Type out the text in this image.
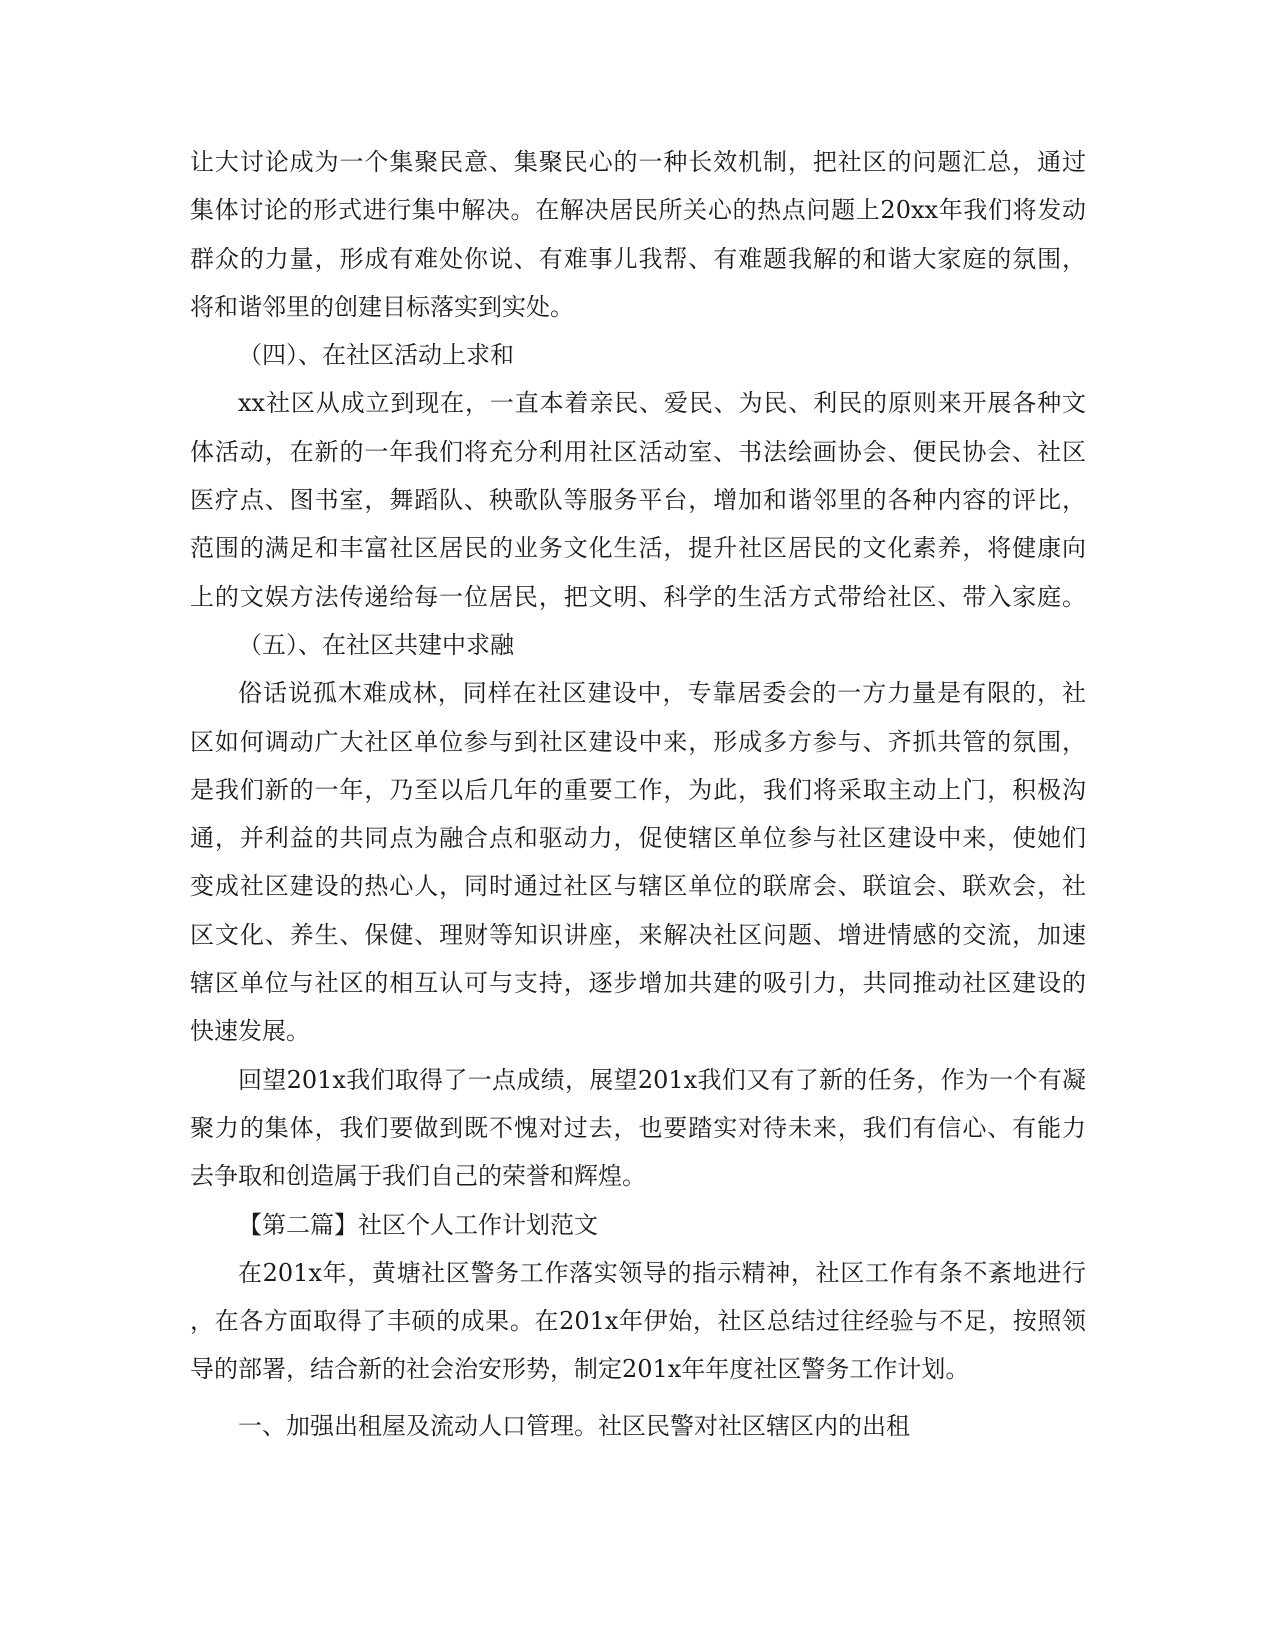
让大讨论成为一个集聚民意、集聚民心的一种长效机制，把社区的问题汇总，通过
集体讨论的形式进行集中解决。在解决居民所关心的热点问题上20xx年我们将发动
群众的力量，形成有难处你说、有难事儿我帮、有难题我解的和谐大家庭的氛围，
将和谐邻里的创建目标落实到实处。
（四）、在社区活动上求和
xx社区从成立到现在，一直本着亲民、爱民、为民、利民的原则来开展各种文
体活动，在新的一年我们将充分利用社区活动室、书法绘画协会、便民协会、社区
医疗点、图书室，舞蹈队、秧歌队等服务平台，增加和谐邻里的各种内容的评比，
范围的满足和丰富社区居民的业务文化生活，提升社区居民的文化素养，将健康向
上的文娱方法传递给每一位居民，把文明、科学的生活方式带给社区、带入家庭。
（五）、在社区共建中求融
俗话说孤木难成林，同样在社区建设中，专靠居委会的一方力量是有限的，社
区如何调动广大社区单位参与到社区建设中来，形成多方参与、齐抓共管的氛围，
是我们新的一年，乃至以后几年的重要工作，为此，我们将采取主动上门，积极沟
通，并利益的共同点为融合点和驱动力，促使辖区单位参与社区建设中来，使她们
变成社区建设的热心人，同时通过社区与辖区单位的联席会、联谊会、联欢会，社
区文化、养生、保健、理财等知识讲座，来解决社区问题、增进情感的交流，加速
辖区单位与社区的相互认可与支持，逐步增加共建的吸引力，共同推动社区建设的
快速发展。
回望201x我们取得了一点成绩，展望201x我们又有了新的任务，作为一个有凝
聚力的集体，我们要做到既不愧对过去，也要踏实对待未来，我们有信心、有能力
去争取和创造属于我们自己的荣誉和辉煌。
【第二篇】社区个人工作计划范文
在201x年，黄塘社区警务工作落实领导的指示精神，社区工作有条不紊地进行
，在各方面取得了丰硕的成果。在201x年伊始，社区总结过往经验与不足，按照领
导的部署，结合新的社会治安形势，制定201x年年度社区警务工作计划。
一、加强出租屋及流动人口管理。社区民警对社区辖区内的出租
